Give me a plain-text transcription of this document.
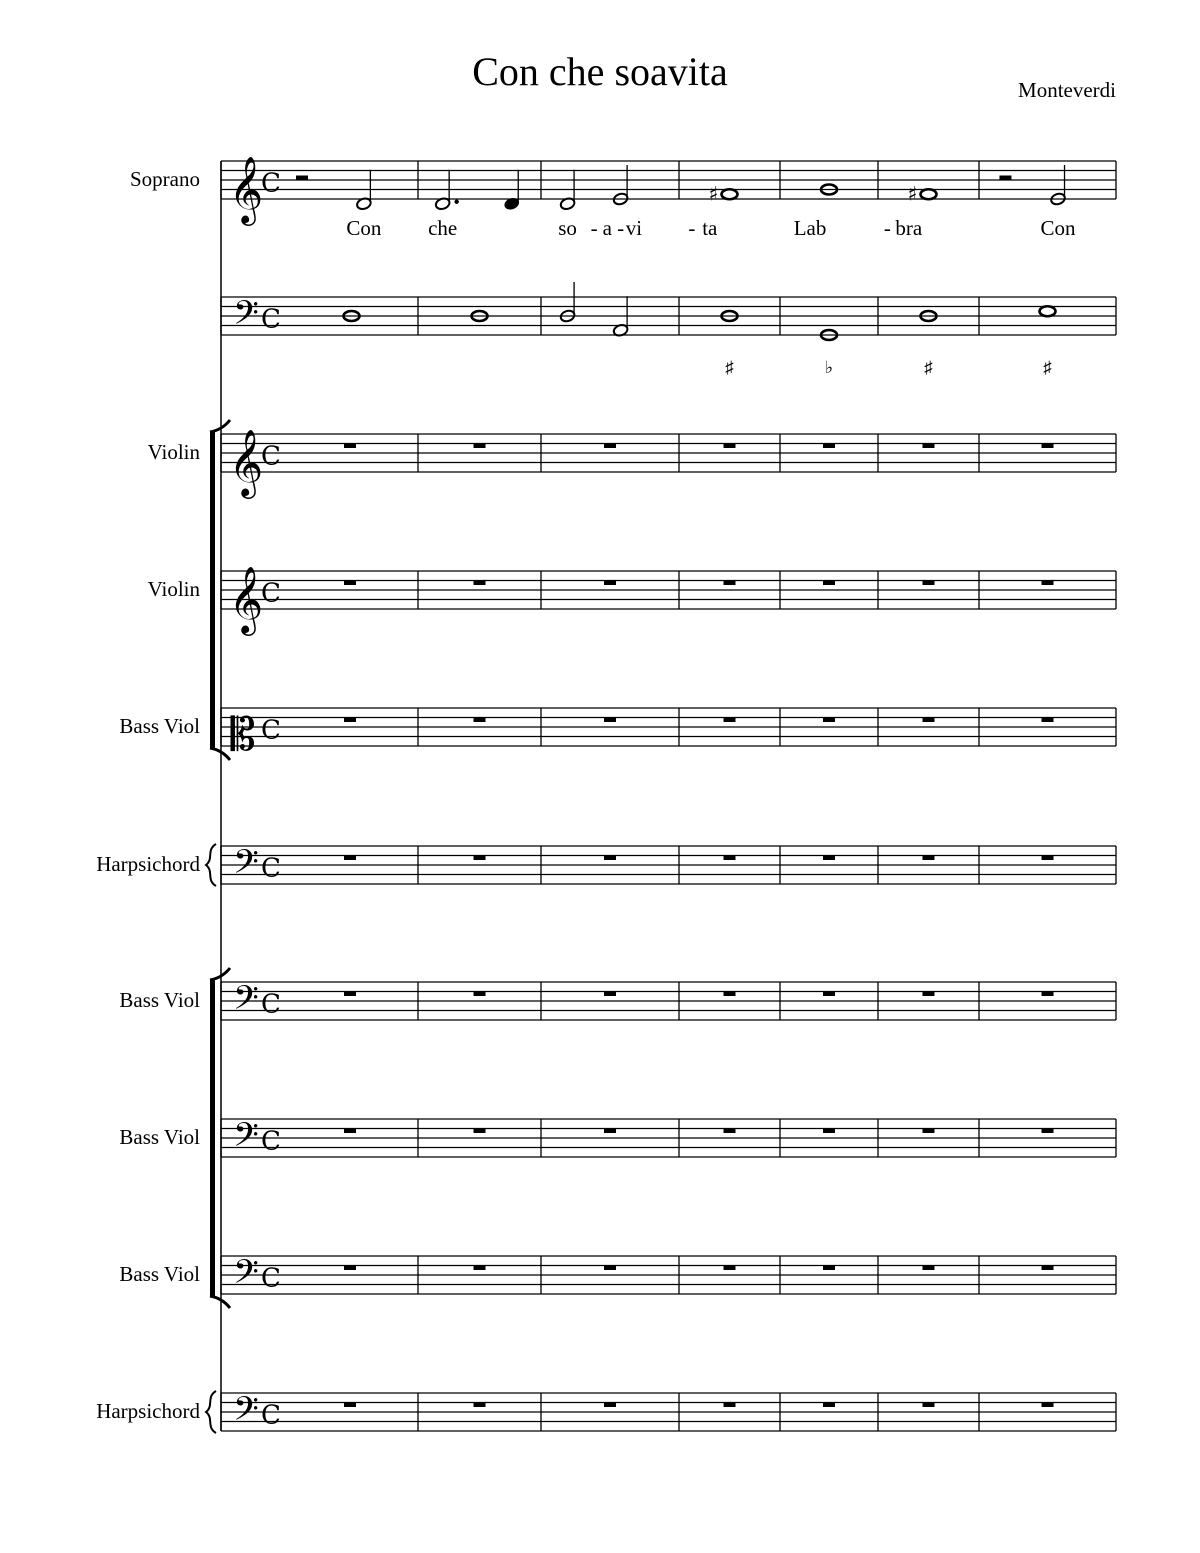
Con che soavita	Monteverdi
𝄞
C
𝄢 C
𝄞
C
𝄞
C
𝄡 C
𝄢 C
𝄢 C
𝄢 C
𝄢 C
𝄢 C
♯	♯
Soprano
Violin
Violin
Bass Viol
Harpsichord
Bass Viol
Bass Viol
Bass Viol
Harpsichord
Con che	so - a - vi - ta	Lab	- bra	Con
♯	♭	♯	♯
